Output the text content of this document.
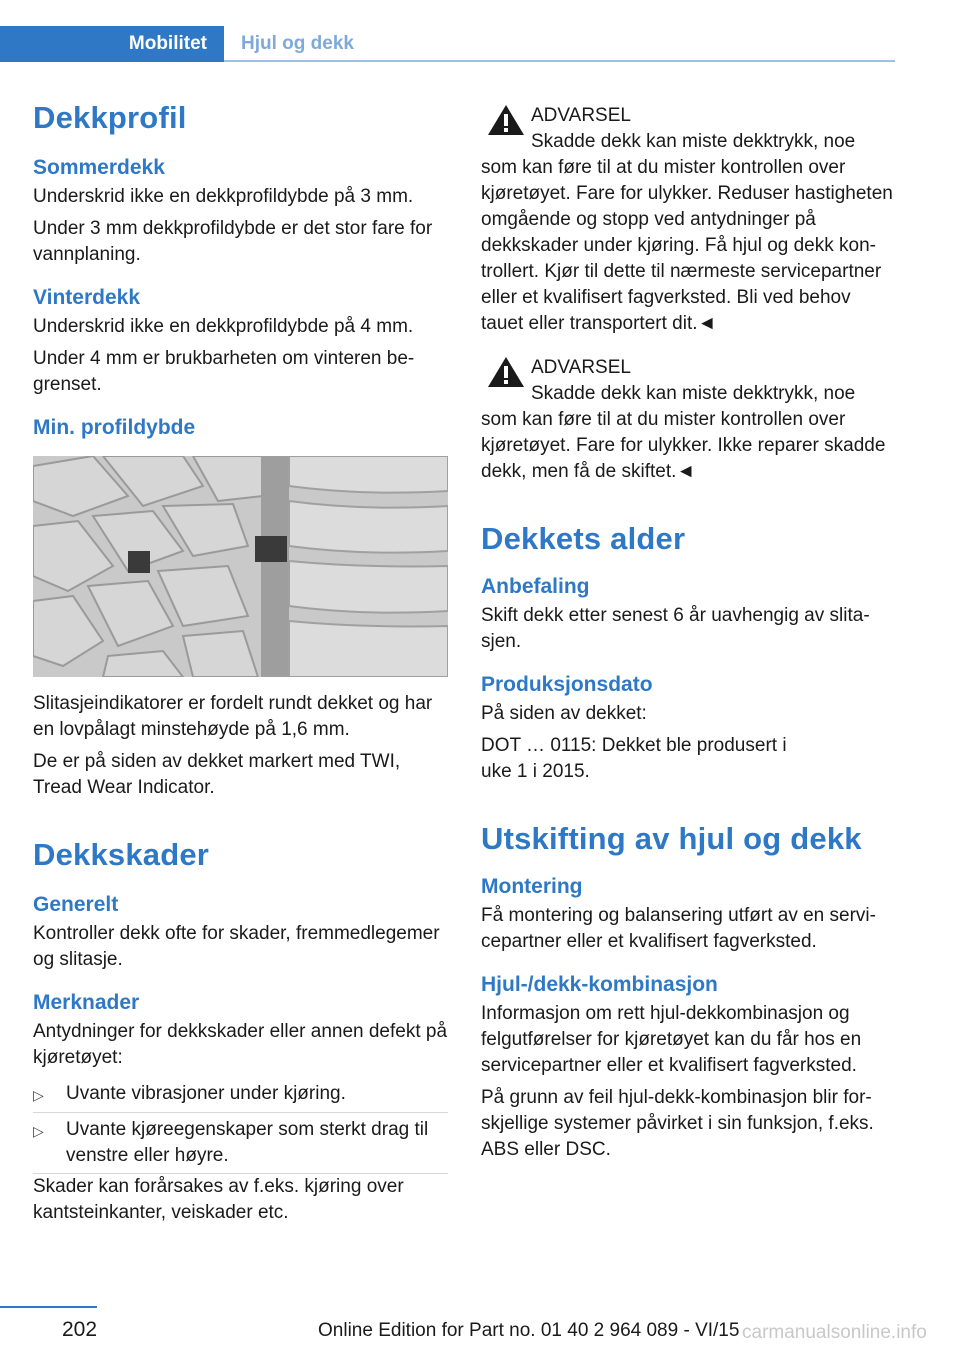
Mobilitet	Hjul og dekk
Dekkprofil
Sommerdekk

Underskrid ikke en dekkprofildybde på 3 mm.

Under 3 mm dekkprofildybde er det stor fare for vannplaning.

Vinterdekk

Underskrid ikke en dekkprofildybde på 4 mm.

Under 4 mm er brukbarheten om vinteren begrenset.

Min. profildybde

Slitasjeindikatorer er fordelt rundt dekket og har en lovpålagt minstehøyde på 1,6 mm.

De er på siden av dekket markert med TWI, Tread Wear Indicator.

Dekkskader
Generelt

Kontroller dekk ofte for skader, fremmedlegemer og slitasje.

Merknader

Antydninger for dekkskader eller annen defekt på kjøretøyet:

▷	Uvante vibrasjoner under kjøring.
▷	Uvante kjøreegenskaper som sterkt drag til venstre eller høyre.

Skader kan forårsakes av f.eks. kjøring over kantsteinkanter, veiskader etc.

ADVARSEL
Skadde dekk kan miste dekktrykk, noe

som kan føre til at du mister kontrollen over kjøretøyet. Fare for ulykker. Reduser hastigheten omgående og stopp ved antydninger på dekkskader under kjøring. Få hjul og dekk kontrollert. Kjør til dette til nærmeste servicepartner eller et kvalifisert fagverksted. Bli ved behov tauet eller transportert dit.◄

ADVARSEL
Skadde dekk kan miste dekktrykk, noe

som kan føre til at du mister kontrollen over kjøretøyet. Fare for ulykker. Ikke reparer skadde dekk, men få de skiftet.◄

Dekkets alder
Anbefaling

Skift dekk etter senest 6 år uavhengig av slitasjen.

Produksjonsdato

På siden av dekket:

DOT … 0115: Dekket ble produsert i

uke 1 i 2015.

Utskifting av hjul og dekk
Montering

Få montering og balansering utført av en servicepartner eller et kvalifisert fagverksted.

Hjul-/dekk-kombinasjon

Informasjon om rett hjul-dekkombinasjon og felgutførelser for kjøretøyet kan du får hos en servicepartner eller et kvalifisert fagverksted.

På grunn av feil hjul-dekk-kombinasjon blir forskjellige systemer påvirket i sin funksjon, f.eks. ABS eller DSC.

202	Online Edition for Part no. 01 40 2 964 089 - VI/15 carmanualsonline.info
